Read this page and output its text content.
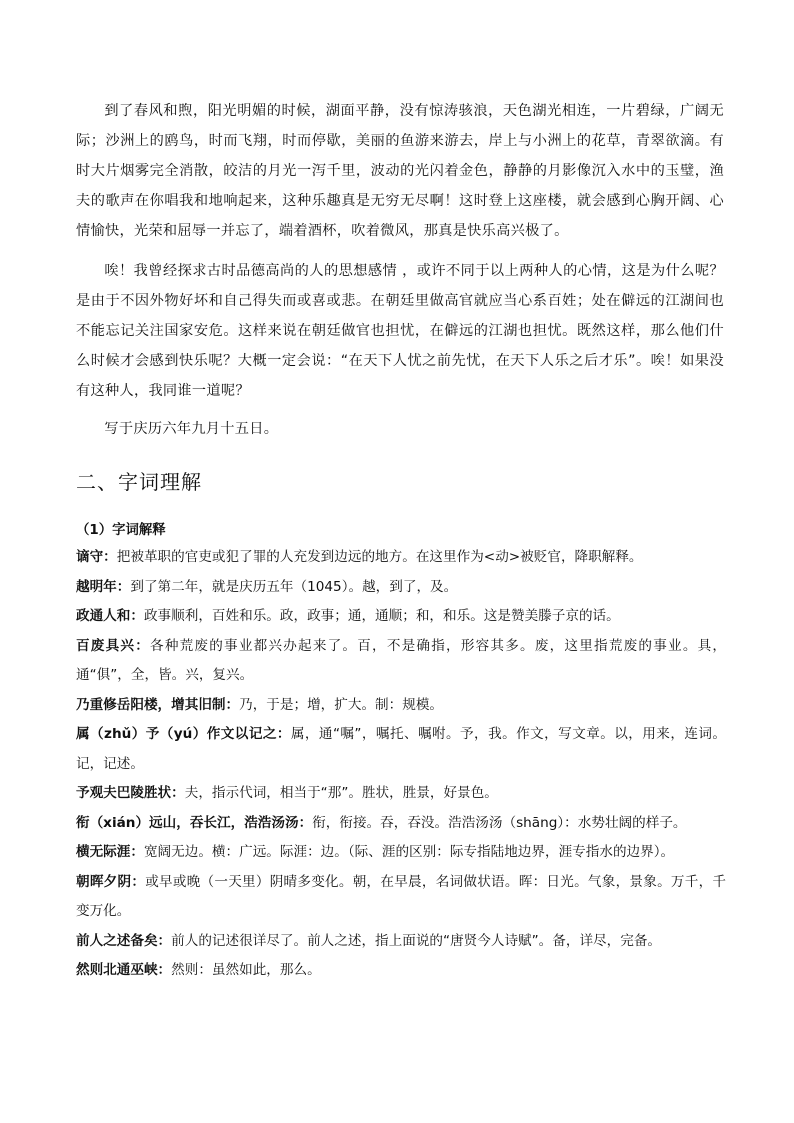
到了春风和煦，阳光明媚的时候，湖面平静，没有惊涛骇浪，天色湖光相连，一片碧绿，广阔无际；沙洲上的鸥鸟，时而飞翔，时而停歇，美丽的鱼游来游去，岸上与小洲上的花草，青翠欲滴。有时大片烟雾完全消散，皎洁的月光一泻千里，波动的光闪着金色，静静的月影像沉入水中的玉璧，渔夫的歌声在你唱我和地响起来，这种乐趣真是无穷无尽啊！这时登上这座楼，就会感到心胸开阔、心情愉快，光荣和屈辱一并忘了，端着酒杯，吹着微风，那真是快乐高兴极了。

唉！我曾经探求古时品德高尚的人的思想感情 ，或许不同于以上两种人的心情，这是为什么呢？是由于不因外物好坏和自己得失而或喜或悲。在朝廷里做高官就应当心系百姓；处在僻远的江湖间也不能忘记关注国家安危。这样来说在朝廷做官也担忧，在僻远的江湖也担忧。既然这样，那么他们什么时候才会感到快乐呢？大概一定会说：“在天下人忧之前先忧，在天下人乐之后才乐”。唉！如果没有这种人，我同谁一道呢？

写于庆历六年九月十五日。

二、字词理解
（1）字词解释

谪守：把被革职的官吏或犯了罪的人充发到边远的地方。在这里作为<动>被贬官，降职解释。

越明年：到了第二年，就是庆历五年（1045）。越，到了，及。

政通人和：政事顺利，百姓和乐。政，政事；通，通顺；和，和乐。这是赞美滕子京的话。

百废具兴：各种荒废的事业都兴办起来了。百，不是确指，形容其多。废，这里指荒废的事业。具，通“俱”，全，皆。兴，复兴。

乃重修岳阳楼，增其旧制：乃，于是；增，扩大。制：规模。

属（zhǔ）予（yú）作文以记之：属，通“嘱”，嘱托、嘱咐。予，我。作文，写文章。以，用来，连词。记，记述。

予观夫巴陵胜状：夫，指示代词，相当于“那”。胜状，胜景，好景色。

衔（xián）远山，吞长江，浩浩汤汤：衔，衔接。吞，吞没。浩浩汤汤（shāng）：水势壮阔的样子。

横无际涯：宽阔无边。横：广远。际涯：边。（际、涯的区别：际专指陆地边界，涯专指水的边界）。

朝晖夕阴：或早或晚（一天里）阴晴多变化。朝，在早晨，名词做状语。晖：日光。气象，景象。万千，千变万化。

前人之述备矣：前人的记述很详尽了。前人之述，指上面说的“唐贤今人诗赋”。备，详尽，完备。

然则北通巫峡：然则：虽然如此，那么。
